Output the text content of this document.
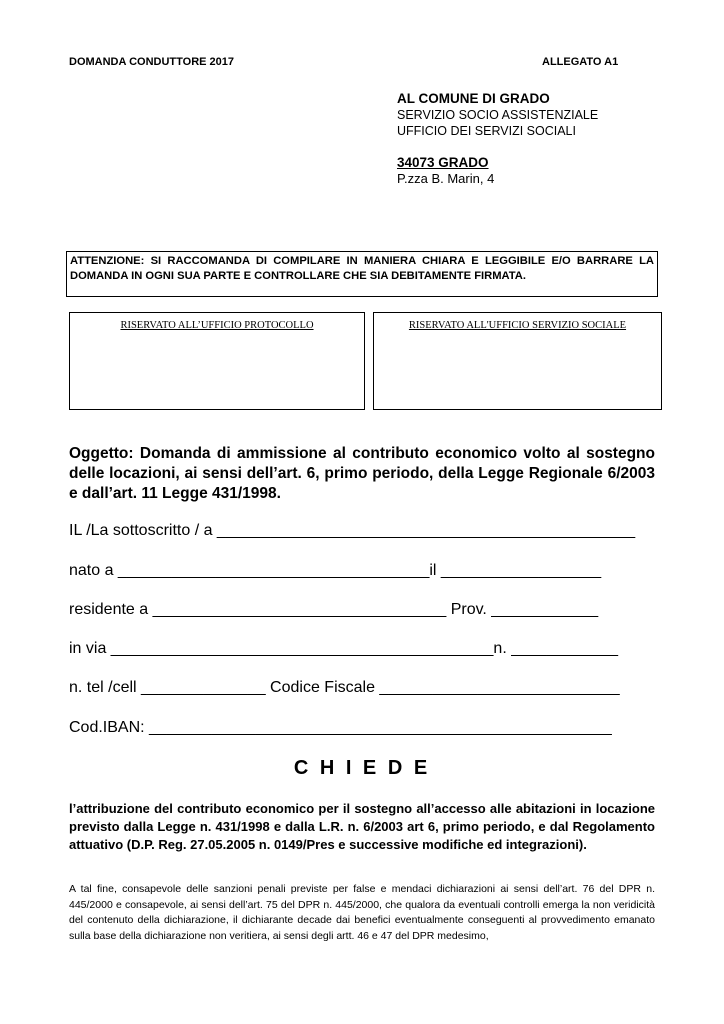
DOMANDA CONDUTTORE 2017	ALLEGATO A1
AL COMUNE DI GRADO
SERVIZIO SOCIO ASSISTENZIALE
UFFICIO DEI SERVIZI SOCIALI
34073 GRADO
P.zza B. Marin, 4
ATTENZIONE: SI RACCOMANDA DI COMPILARE IN MANIERA CHIARA E LEGGIBILE E/O BARRARE LA DOMANDA IN OGNI SUA PARTE E CONTROLLARE CHE SIA DEBITAMENTE FIRMATA.
RISERVATO ALL’UFFICIO PROTOCOLLO	RISERVATO ALL'UFFICIO SERVIZIO SOCIALE
Oggetto: Domanda di ammissione al contributo economico volto al sostegno delle locazioni, ai sensi dell’art. 6, primo periodo, della Legge Regionale 6/2003 e dall’art. 11 Legge 431/1998.
IL /La sottoscritto / a _______________________________________________
nato a ___________________________________il __________________
residente a _________________________________ Prov. ____________
in via ___________________________________________n. ____________
n. tel /cell ______________ Codice Fiscale ___________________________
Cod.IBAN: ____________________________________________________
C H I E D E
l’attribuzione del contributo economico per il sostegno all’accesso alle abitazioni in locazione previsto dalla Legge n. 431/1998 e dalla L.R. n. 6/2003 art 6, primo periodo, e dal Regolamento attuativo (D.P. Reg. 27.05.2005 n. 0149/Pres e successive modifiche ed integrazioni).
A tal fine, consapevole delle sanzioni penali previste per false e mendaci dichiarazioni ai sensi dell’art. 76 del DPR n. 445/2000 e consapevole, ai sensi dell’art. 75 del DPR n. 445/2000, che qualora da eventuali controlli emerga la non veridicità del contenuto della dichiarazione, il dichiarante decade dai benefici eventualmente conseguenti al provvedimento emanato sulla base della dichiarazione non veritiera, ai sensi degli artt. 46 e 47 del DPR medesimo,
